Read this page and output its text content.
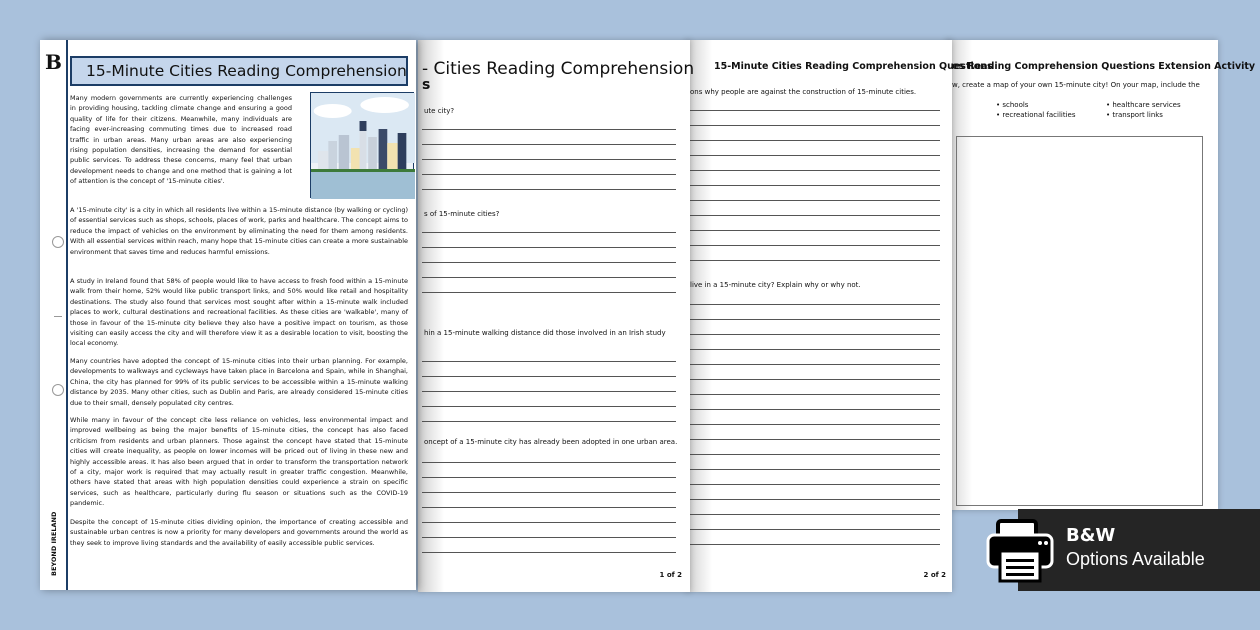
es Reading Comprehension Questions Extension Activity
w, create a map of your own 15-minute city! On your map, include the
• schools	• healthcare services
• recreational facilities	• transport links
15-Minute Cities Reading Comprehension Questions
ons why people are against the construction of 15-minute cities.
live in a 15-minute city? Explain why or why not.
2 of 2
- Cities Reading Comprehension
s
ute city?
s of 15-minute cities?
hin a 15-minute walking distance did those involved in an Irish study
oncept of a 15-minute city has already been adopted in one urban area.
1 of 2
B
BEYOND IRELAND
15-Minute Cities Reading Comprehension
Many modern governments are currently experiencing challenges in providing housing, tackling climate change and ensuring a good quality of life for their citizens. Meanwhile, many individuals are facing ever-increasing commuting times due to increased road traffic in urban areas. Many urban areas are also experiencing rising population densities, increasing the demand for essential public services. To address these concerns, many feel that urban development needs to change and one method that is gaining a lot of attention is the concept of '15-minute cities'.
A '15-minute city' is a city in which all residents live within a 15-minute distance (by walking or cycling) of essential services such as shops, schools, places of work, parks and healthcare. The concept aims to reduce the impact of vehicles on the environment by eliminating the need for them among residents. With all essential services within reach, many hope that 15-minute cities can create a more sustainable environment that saves time and reduces harmful emissions.
A study in Ireland found that 58% of people would like to have access to fresh food within a 15-minute walk from their home, 52% would like public transport links, and 50% would like retail and hospitality destinations. The study also found that services most sought after within a 15-minute walk included places to work, cultural destinations and recreational facilities. As these cities are 'walkable', many of those in favour of the 15-minute city believe they also have a positive impact on tourism, as those visiting can easily access the city and will therefore view it as a desirable location to visit, boosting the local economy.
Many countries have adopted the concept of 15-minute cities into their urban planning. For example, developments to walkways and cycleways have taken place in Barcelona and Spain, while in Shanghai, China, the city has planned for 99% of its public services to be accessible within a 15-minute walking distance by 2035. Many other cities, such as Dublin and Paris, are already considered 15-minute cities due to their small, densely populated city centres.
While many in favour of the concept cite less reliance on vehicles, less environmental impact and improved wellbeing as being the major benefits of 15-minute cities, the concept has also faced criticism from residents and urban planners. Those against the concept have stated that 15-minute cities will create inequality, as people on lower incomes will be priced out of living in these new and highly accessible areas. It has also been argued that in order to transform the transportation network of a city, major work is required that may actually result in greater traffic congestion. Meanwhile, others have stated that areas with high population densities could experience a strain on specific services, such as healthcare, particularly during flu season or situations such as the COVID-19 pandemic.
Despite the concept of 15-minute cities dividing opinion, the importance of creating accessible and sustainable urban centres is now a priority for many developers and governments around the world as they seek to improve living standards and the availability of easily accessible public services.	B&W
Options Available
